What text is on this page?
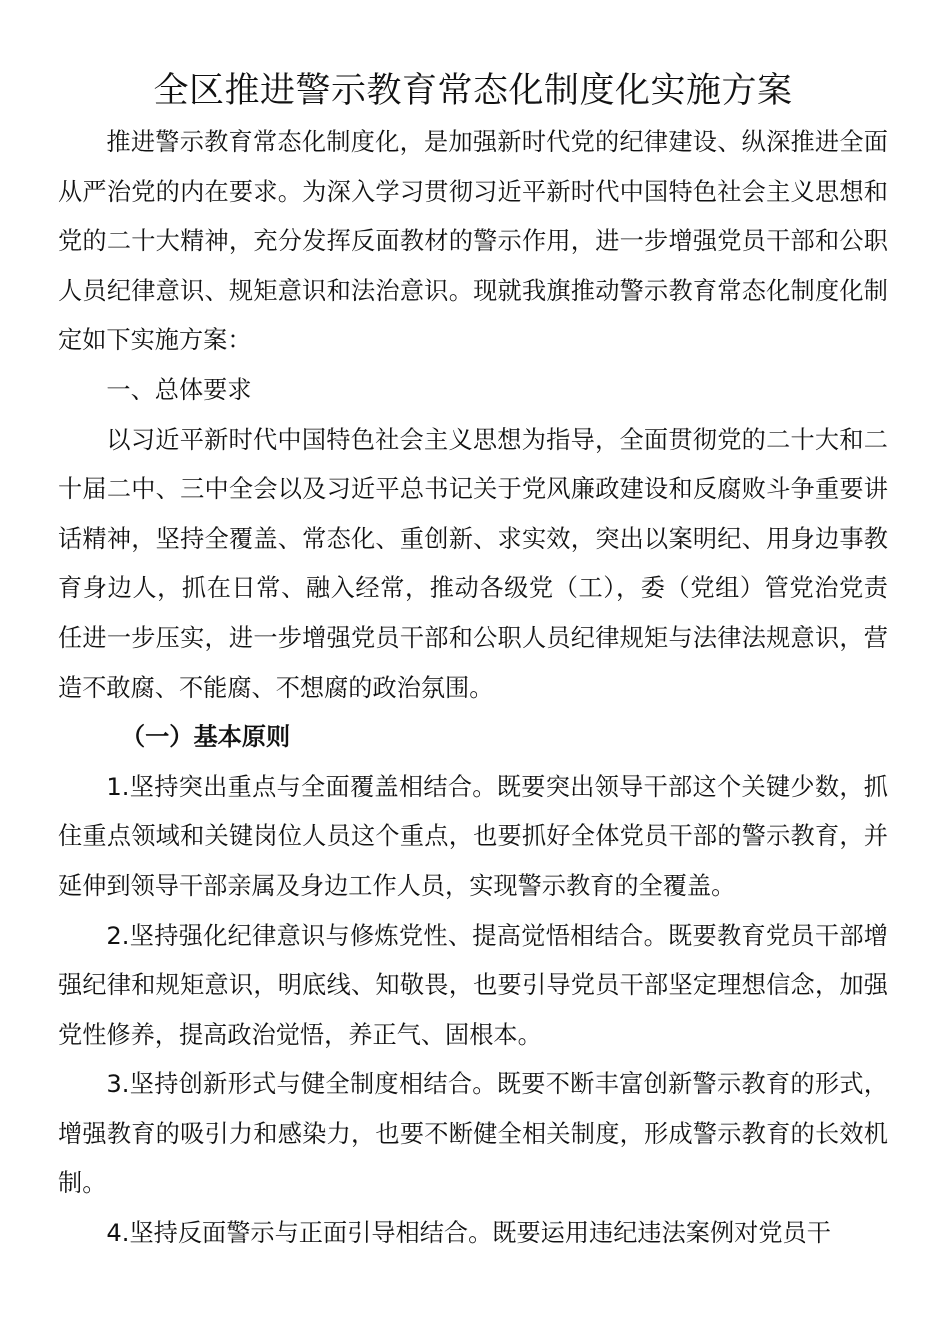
全区推进警示教育常态化制度化实施方案

推进警示教育常态化制度化，是加强新时代党的纪律建设、纵深推进全面从严治党的内在要求。为深入学习贯彻习近平新时代中国特色社会主义思想和党的二十大精神，充分发挥反面教材的警示作用，进一步增强党员干部和公职人员纪律意识、规矩意识和法治意识。现就我旗推动警示教育常态化制度化制定如下实施方案：

一、总体要求

以习近平新时代中国特色社会主义思想为指导，全面贯彻党的二十大和二十届二中、三中全会以及习近平总书记关于党风廉政建设和反腐败斗争重要讲话精神，坚持全覆盖、常态化、重创新、求实效，突出以案明纪、用身边事教育身边人，抓在日常、融入经常，推动各级党（工），委（党组）管党治党责任进一步压实，进一步增强党员干部和公职人员纪律规矩与法律法规意识，营造不敢腐、不能腐、不想腐的政治氛围。

（一）基本原则

1.坚持突出重点与全面覆盖相结合。既要突出领导干部这个关键少数，抓住重点领域和关键岗位人员这个重点，也要抓好全体党员干部的警示教育，并延伸到领导干部亲属及身边工作人员，实现警示教育的全覆盖。

2.坚持强化纪律意识与修炼党性、提高觉悟相结合。既要教育党员干部增强纪律和规矩意识，明底线、知敬畏，也要引导党员干部坚定理想信念，加强党性修养，提高政治觉悟，养正气、固根本。

3.坚持创新形式与健全制度相结合。既要不断丰富创新警示教育的形式，增强教育的吸引力和感染力，也要不断健全相关制度，形成警示教育的长效机制。

4.坚持反面警示与正面引导相结合。既要运用违纪违法案例对党员干
